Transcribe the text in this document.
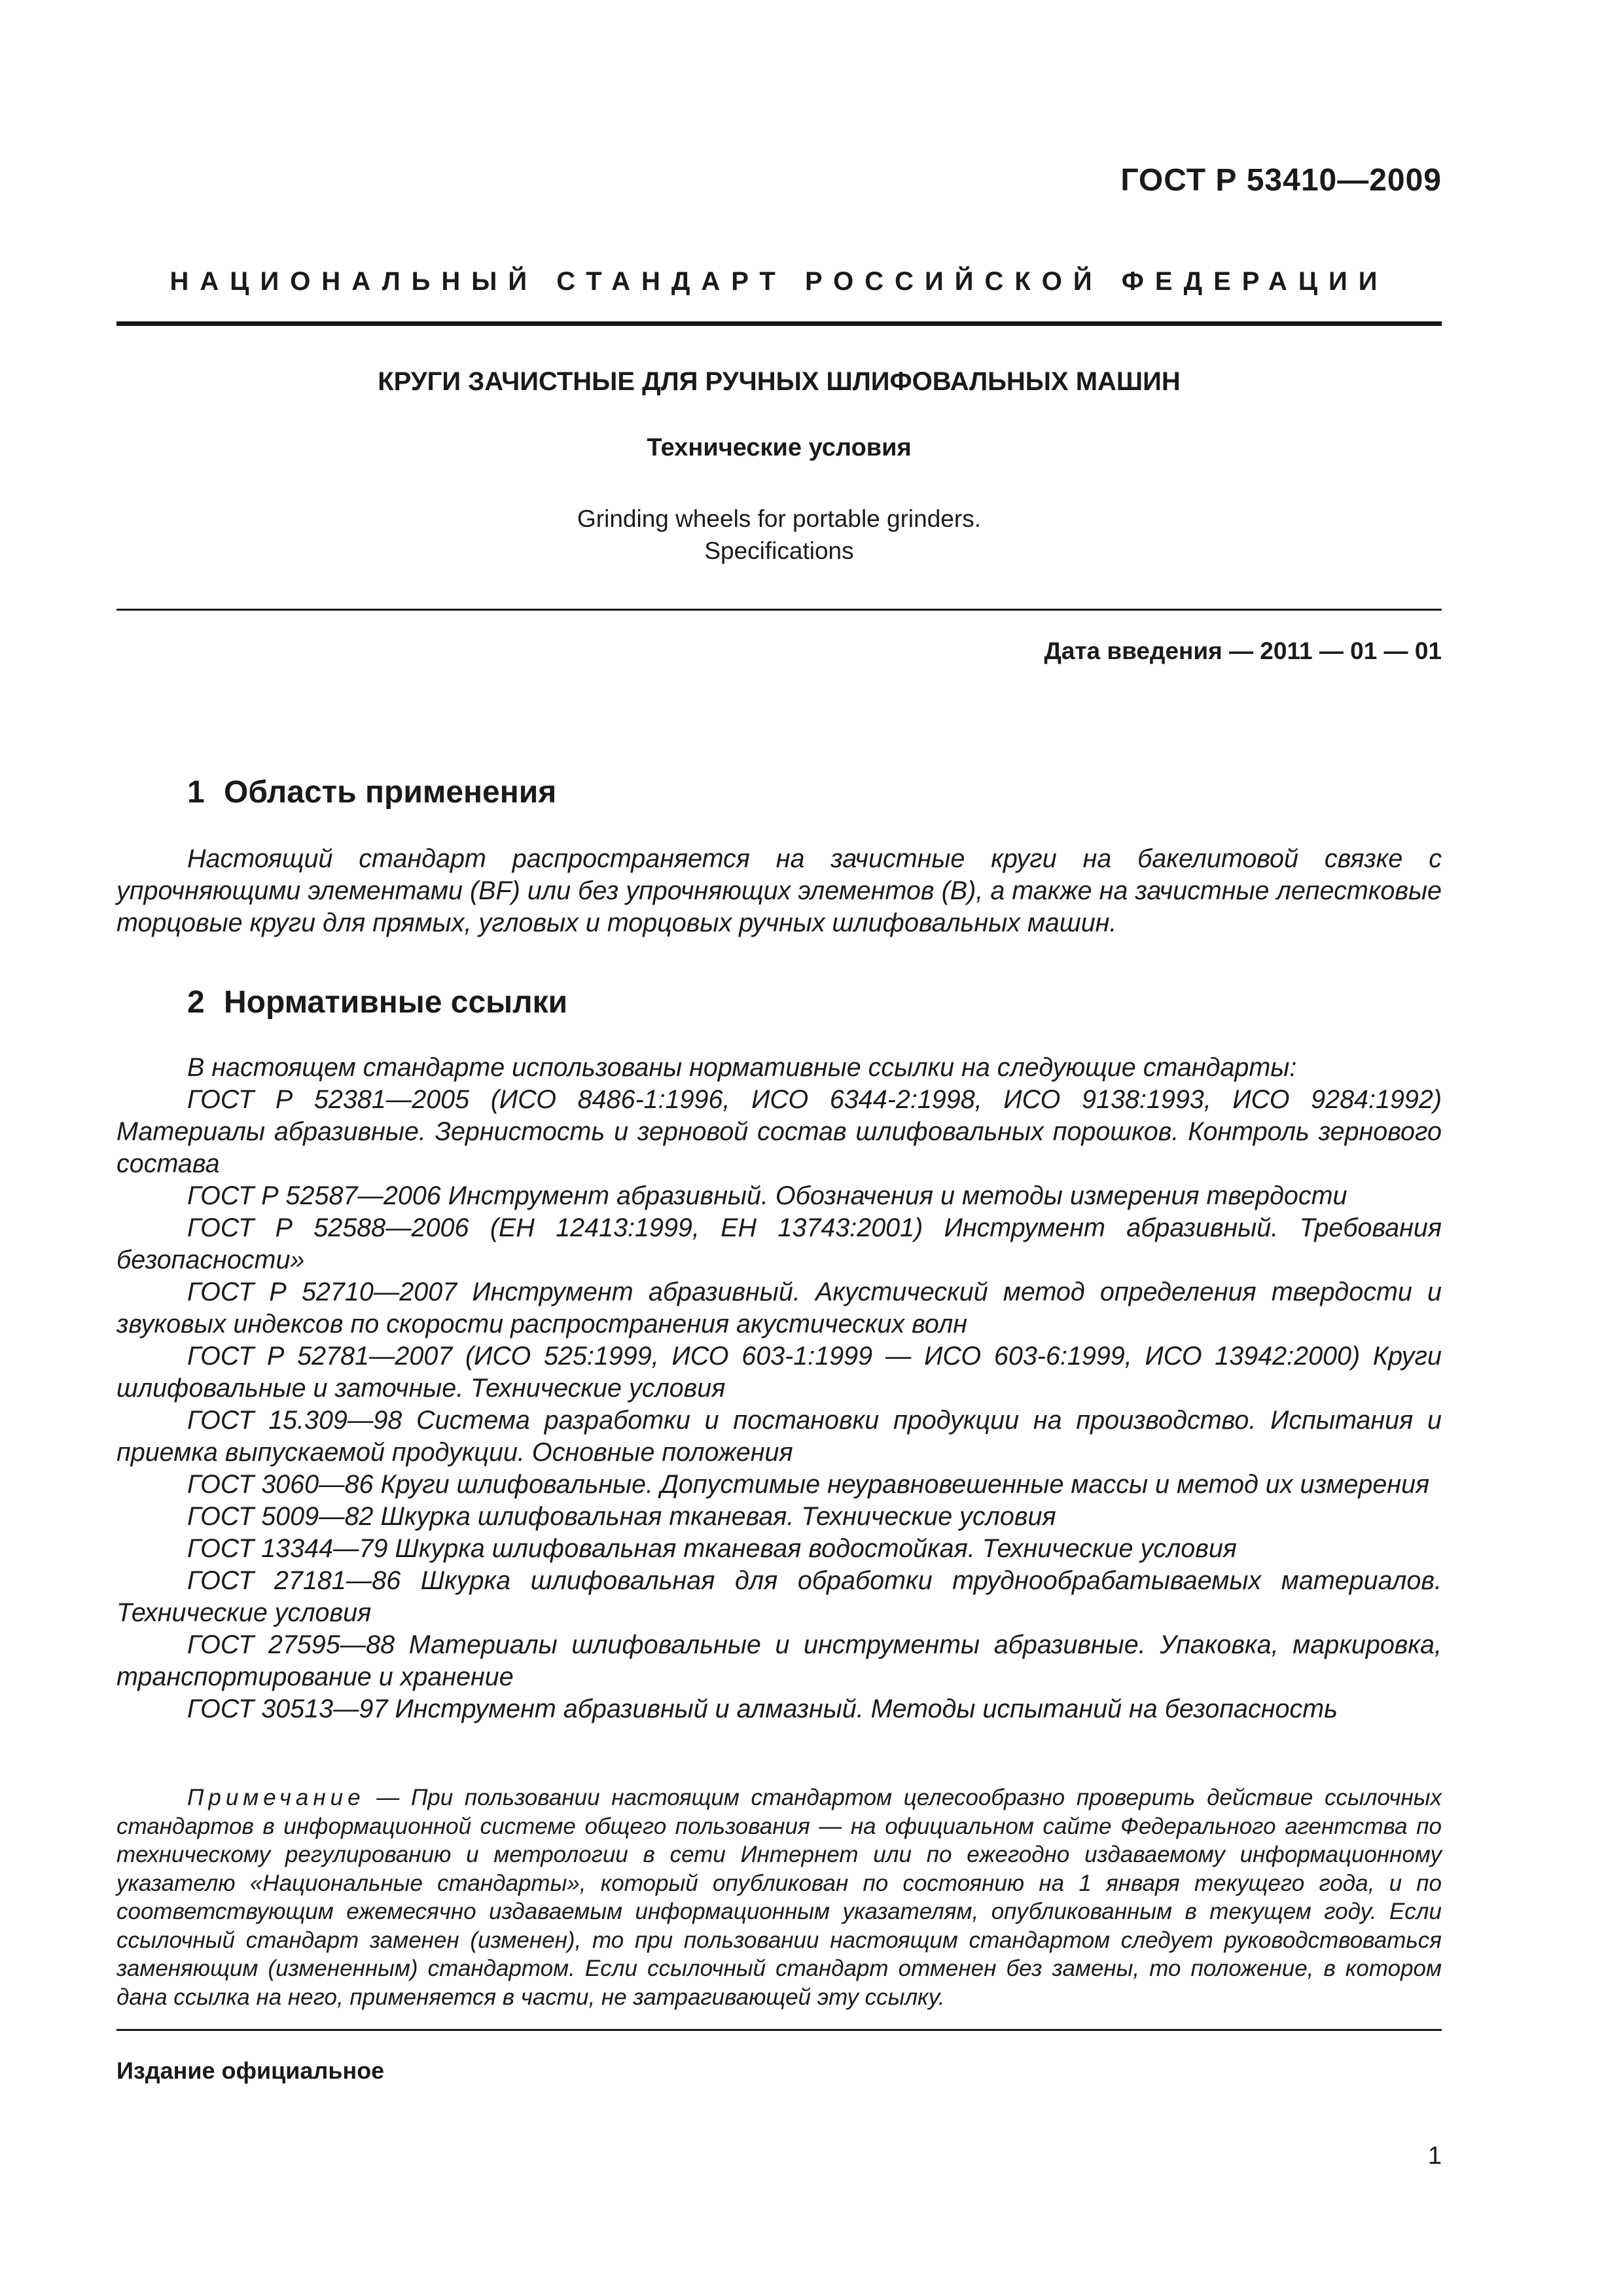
ГОСТ Р 53410—2009
НАЦИОНАЛЬНЫЙ СТАНДАРТ РОССИЙСКОЙ ФЕДЕРАЦИИ
КРУГИ ЗАЧИСТНЫЕ ДЛЯ РУЧНЫХ ШЛИФОВАЛЬНЫХ МАШИН
Технические условия
Grinding wheels for portable grinders.
Specifications
Дата введения — 2011 — 01 — 01
1 Область применения

Настоящий стандарт распространяется на зачистные круги на бакелитовой связке с упрочняющими элементами (BF) или без упрочняющих элементов (В), а также на зачистные лепестковые торцовые круги для прямых, угловых и торцовых ручных шлифовальных машин.

2 Нормативные ссылки

В настоящем стандарте использованы нормативные ссылки на следующие стандарты:

ГОСТ Р 52381—2005 (ИСО 8486-1:1996, ИСО 6344-2:1998, ИСО 9138:1993, ИСО 9284:1992) Материалы абразивные. Зернистость и зерновой состав шлифовальных порошков. Контроль зернового состава

ГОСТ Р 52587—2006 Инструмент абразивный. Обозначения и методы измерения твердости

ГОСТ Р 52588—2006 (ЕН 12413:1999, ЕН 13743:2001) Инструмент абразивный. Требования безопасности»

ГОСТ Р 52710—2007 Инструмент абразивный. Акустический метод определения твердости и звуковых индексов по скорости распространения акустических волн

ГОСТ Р 52781—2007 (ИСО 525:1999, ИСО 603-1:1999 — ИСО 603-6:1999, ИСО 13942:2000) Круги шлифовальные и заточные. Технические условия

ГОСТ 15.309—98 Система разработки и постановки продукции на производство. Испытания и приемка выпускаемой продукции. Основные положения

ГОСТ 3060—86 Круги шлифовальные. Допустимые неуравновешенные массы и метод их измерения

ГОСТ 5009—82 Шкурка шлифовальная тканевая. Технические условия

ГОСТ 13344—79 Шкурка шлифовальная тканевая водостойкая. Технические условия

ГОСТ 27181—86 Шкурка шлифовальная для обработки труднообрабатываемых материалов. Технические условия

ГОСТ 27595—88 Материалы шлифовальные и инструменты абразивные. Упаковка, маркировка, транспортирование и хранение

ГОСТ 30513—97 Инструмент абразивный и алмазный. Методы испытаний на безопасность

Примечание — При пользовании настоящим стандартом целесообразно проверить действие ссылочных стандартов в информационной системе общего пользования — на официальном сайте Федерального агентства по техническому регулированию и метрологии в сети Интернет или по ежегодно издаваемому информационному указателю «Национальные стандарты», который опубликован по состоянию на 1 января текущего года, и по соответствующим ежемесячно издаваемым информационным указателям, опубликованным в текущем году. Если ссылочный стандарт заменен (изменен), то при пользовании настоящим стандартом следует руководствоваться заменяющим (измененным) стандартом. Если ссылочный стандарт отменен без замены, то положение, в котором дана ссылка на него, применяется в части, не затрагивающей эту ссылку.

Издание официальное
1
